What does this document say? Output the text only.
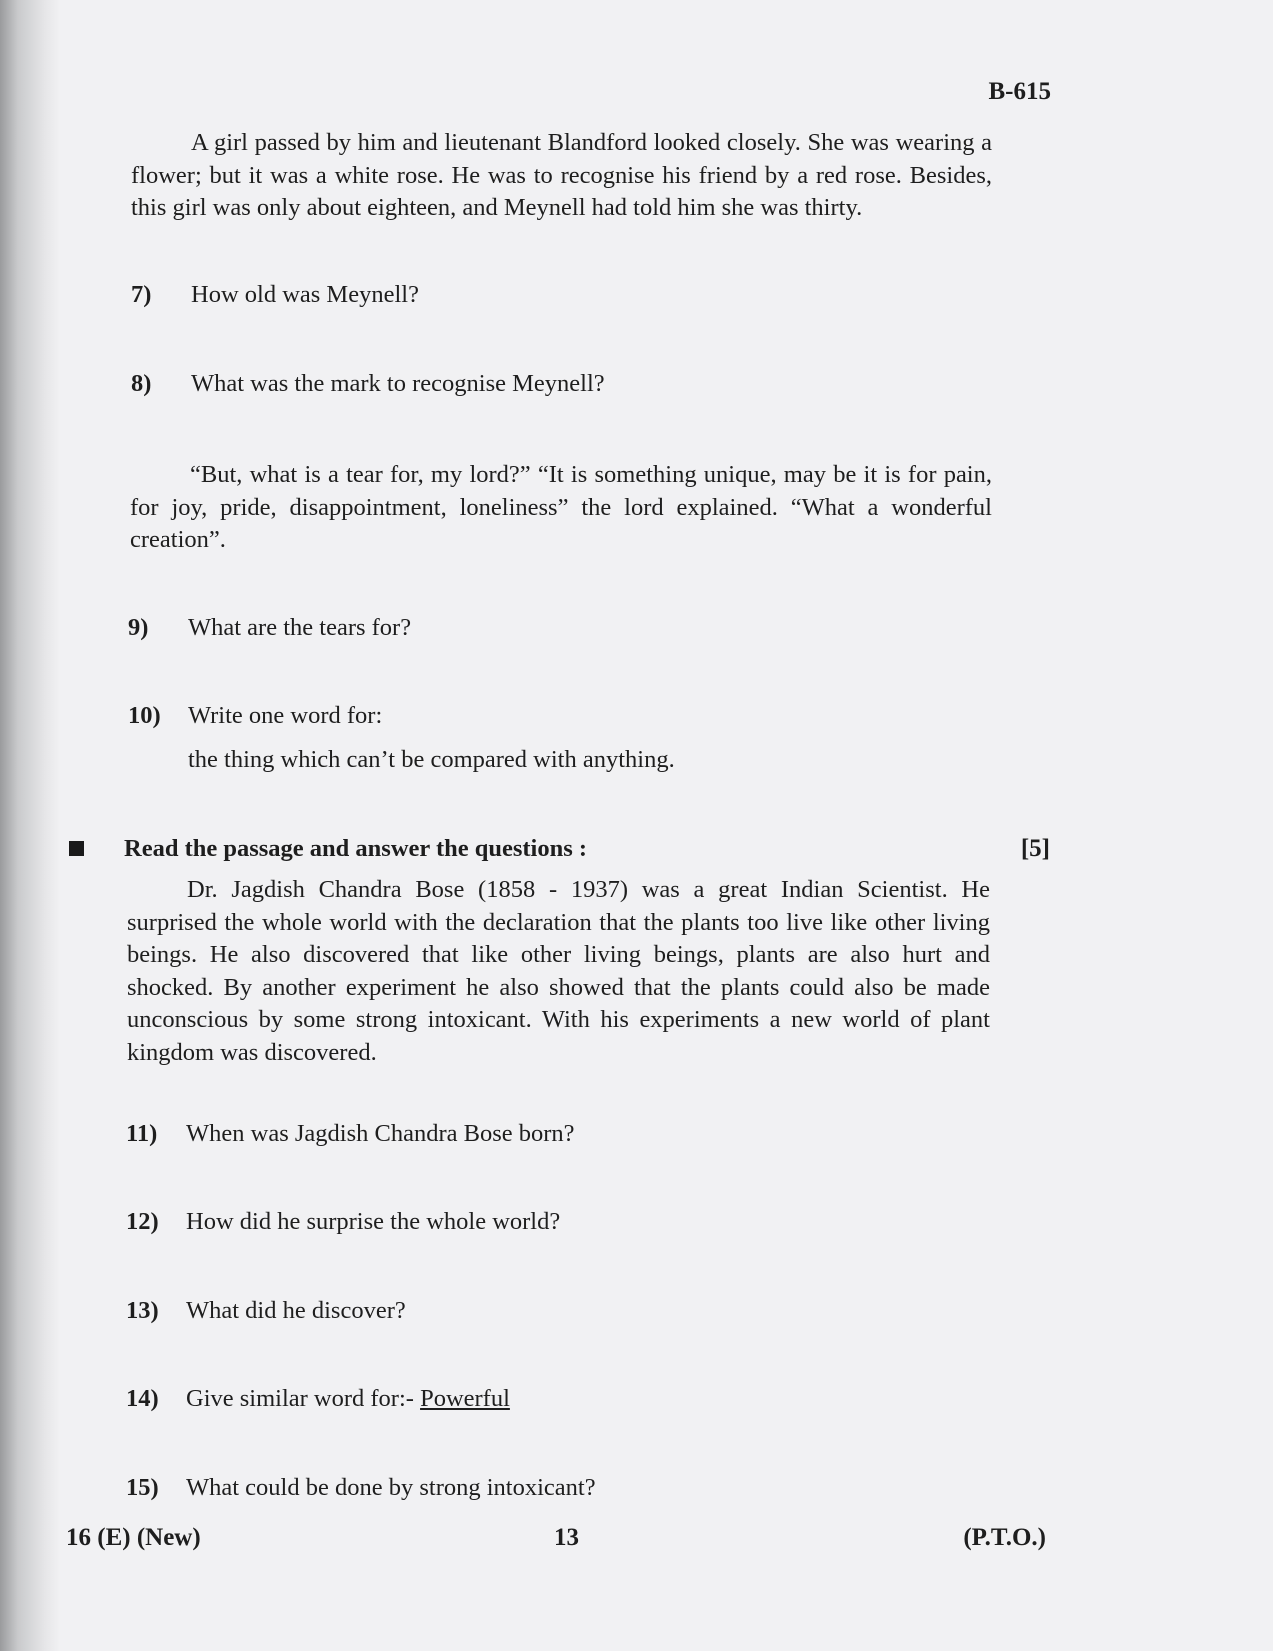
B-615
A girl passed by him and lieutenant Blandford looked closely. She was wearing a flower; but it was a white rose. He was to recognise his friend by a red rose. Besides, this girl was only about eighteen, and Meynell had told him she was thirty.
7) How old was Meynell?
8) What was the mark to recognise Meynell?
“But, what is a tear for, my lord?” “It is something unique, may be it is for pain, for joy, pride, disappointment, loneliness” the lord explained. “What a wonderful creation”.
9) What are the tears for?
10) Write one word for:
the thing which can’t be compared with anything.
Read the passage and answer the questions :	[5]
Dr. Jagdish Chandra Bose (1858 - 1937) was a great Indian Scientist. He surprised the whole world with the declaration that the plants too live like other living beings. He also discovered that like other living beings, plants are also hurt and shocked. By another experiment he also showed that the plants could also be made unconscious by some strong intoxicant. With his experiments a new world of plant kingdom was discovered.
11) When was Jagdish Chandra Bose born?
12) How did he surprise the whole world?
13) What did he discover?
14) Give similar word for:- Powerful
15) What could be done by strong intoxicant?
16 (E) (New)	13	(P.T.O.)
